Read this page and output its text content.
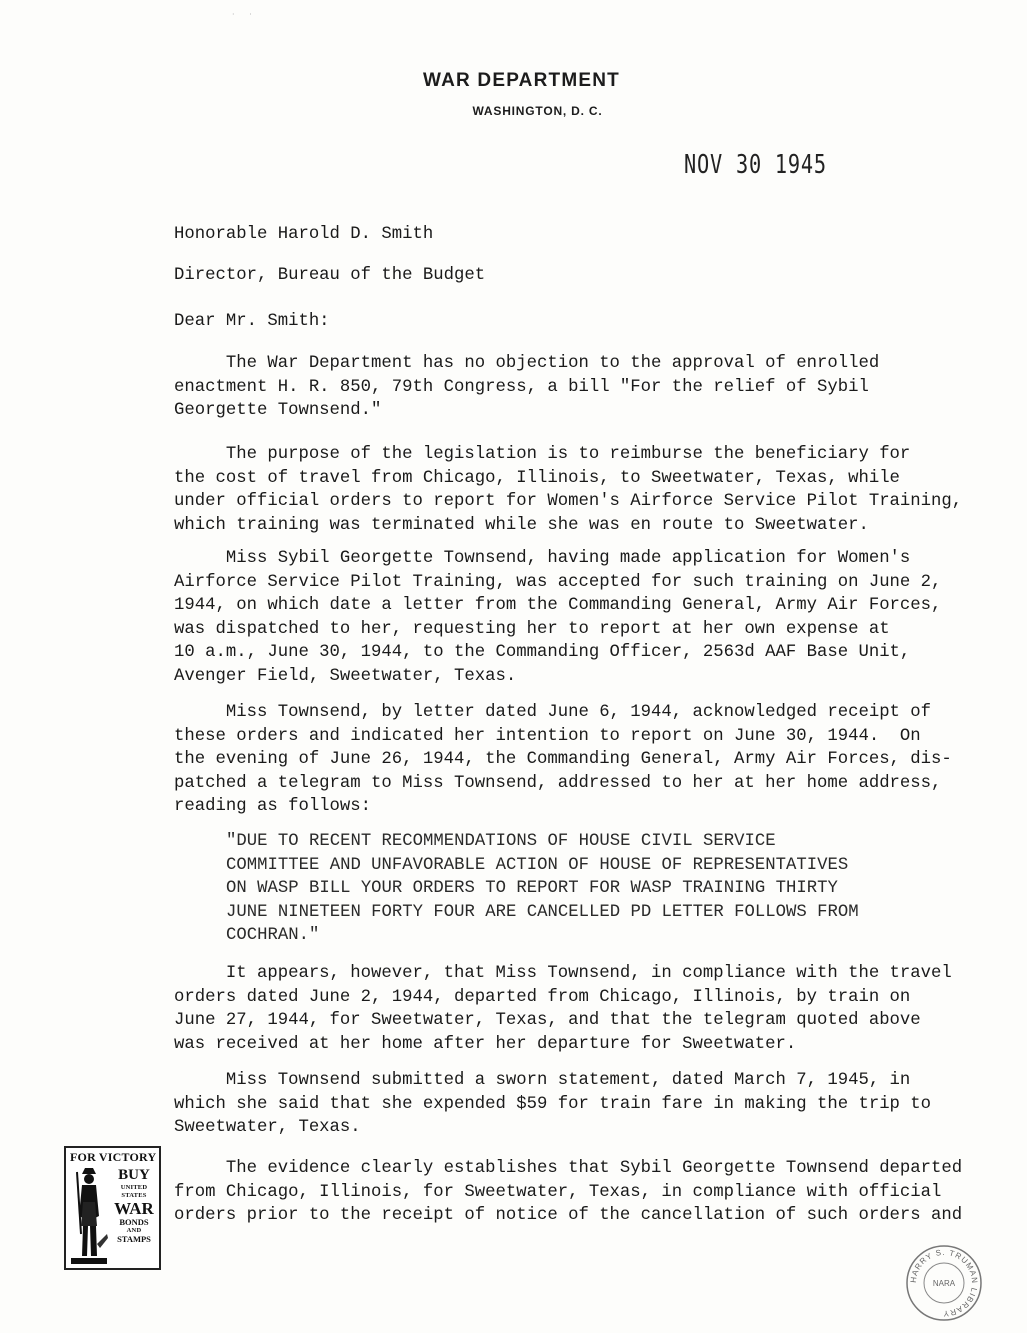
· ·
WAR DEPARTMENT
WASHINGTON, D. C.
NOV 30 1945
Honorable Harold D. Smith
Director, Bureau of the Budget
Dear Mr. Smith:
The War Department has no objection to the approval of enrolled
enactment H. R. 850, 79th Congress, a bill "For the relief of Sybil
Georgette Townsend."
The purpose of the legislation is to reimburse the beneficiary for
the cost of travel from Chicago, Illinois, to Sweetwater, Texas, while
under official orders to report for Women's Airforce Service Pilot Training,
which training was terminated while she was en route to Sweetwater.
Miss Sybil Georgette Townsend, having made application for Women's
Airforce Service Pilot Training, was accepted for such training on June 2,
1944, on which date a letter from the Commanding General, Army Air Forces,
was dispatched to her, requesting her to report at her own expense at
10 a.m., June 30, 1944, to the Commanding Officer, 2563d AAF Base Unit,
Avenger Field, Sweetwater, Texas.
Miss Townsend, by letter dated June 6, 1944, acknowledged receipt of
these orders and indicated her intention to report on June 30, 1944.  On
the evening of June 26, 1944, the Commanding General, Army Air Forces, dis-
patched a telegram to Miss Townsend, addressed to her at her home address,
reading as follows:
"DUE TO RECENT RECOMMENDATIONS OF HOUSE CIVIL SERVICE
COMMITTEE AND UNFAVORABLE ACTION OF HOUSE OF REPRESENTATIVES
ON WASP BILL YOUR ORDERS TO REPORT FOR WASP TRAINING THIRTY
JUNE NINETEEN FORTY FOUR ARE CANCELLED PD LETTER FOLLOWS FROM
COCHRAN."
It appears, however, that Miss Townsend, in compliance with the travel
orders dated June 2, 1944, departed from Chicago, Illinois, by train on
June 27, 1944, for Sweetwater, Texas, and that the telegram quoted above
was received at her home after her departure for Sweetwater.
Miss Townsend submitted a sworn statement, dated March 7, 1945, in
which she said that she expended $59 for train fare in making the trip to
Sweetwater, Texas.
The evidence clearly establishes that Sybil Georgette Townsend departed
from Chicago, Illinois, for Sweetwater, Texas, in compliance with official
orders prior to the receipt of notice of the cancellation of such orders and
FOR VICTORY
BUY
UNITED
STATES
WAR
BONDS
AND
STAMPS
HARRY S. TRUMAN LIBRARY
NARA
